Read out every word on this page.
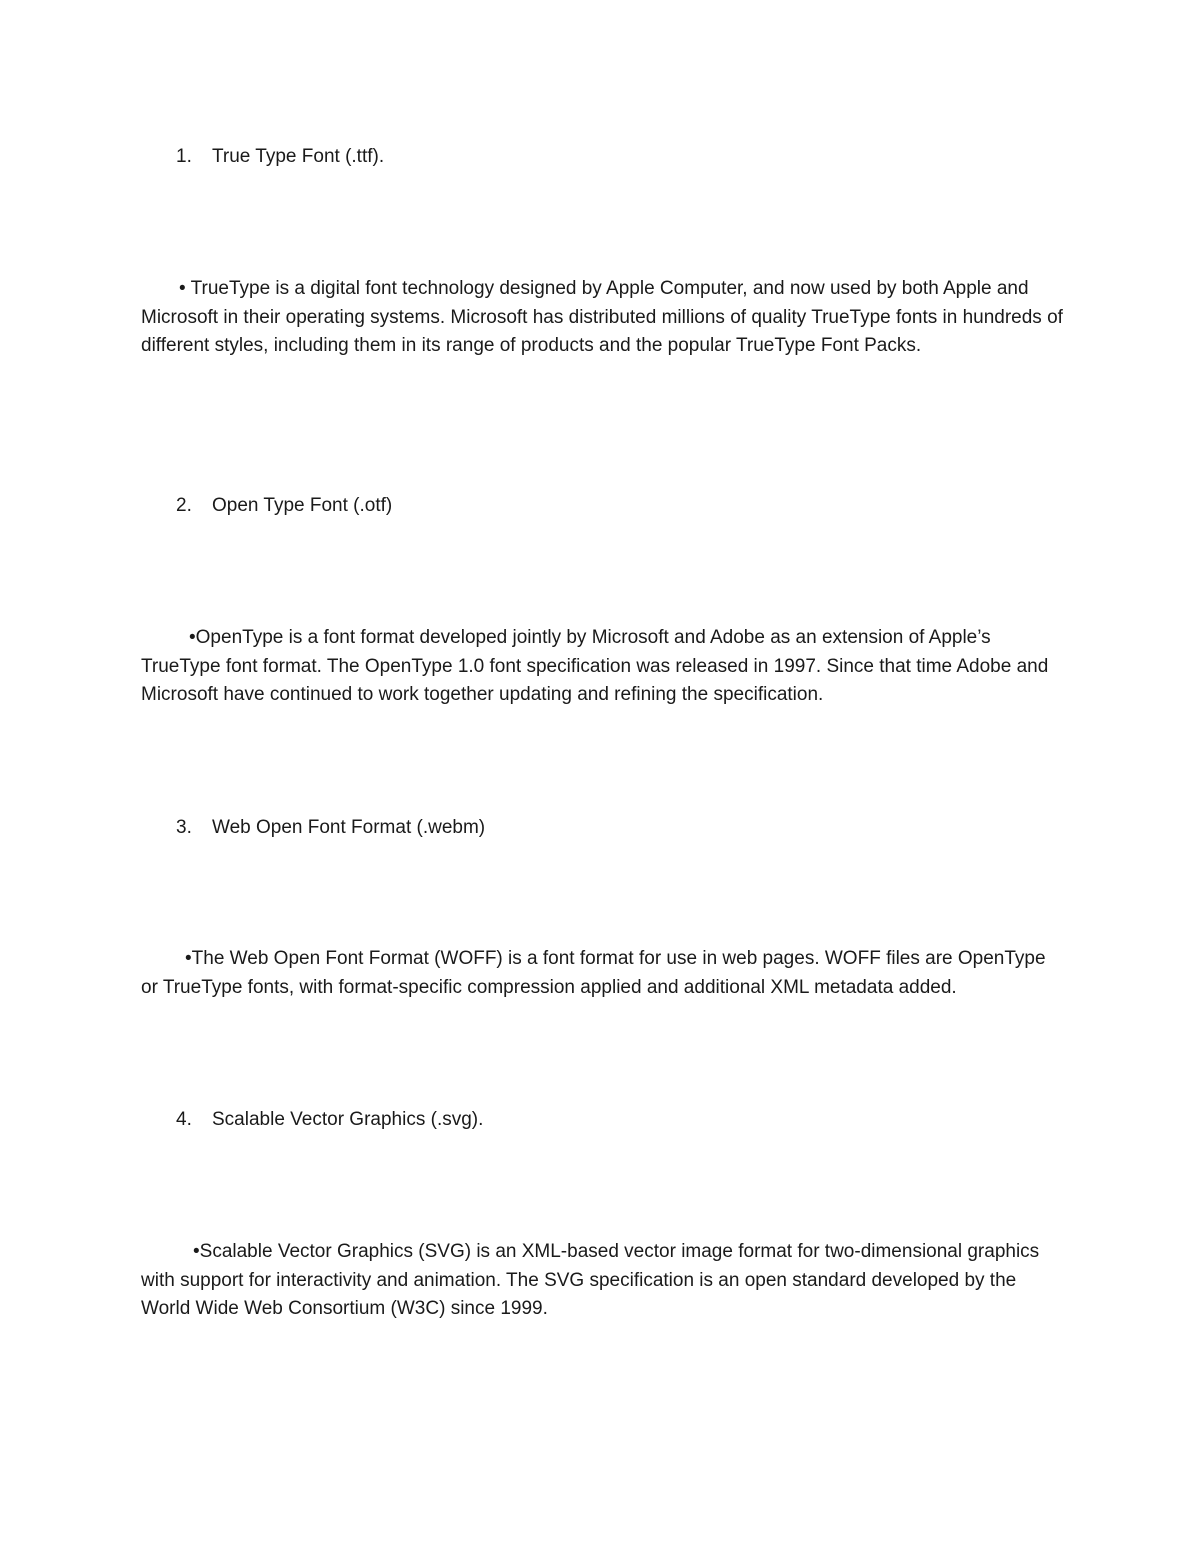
1. True Type Font (.ttf).
• TrueType is a digital font technology designed by Apple Computer, and now used by both Apple and Microsoft in their operating systems. Microsoft has distributed millions of quality TrueType fonts in hundreds of different styles, including them in its range of products and the popular TrueType Font Packs.
2. Open Type Font (.otf)
•OpenType is a font format developed jointly by Microsoft and Adobe as an extension of Apple’s TrueType font format. The OpenType 1.0 font specification was released in 1997. Since that time Adobe and Microsoft have continued to work together updating and refining the specification.
3. Web Open Font Format (.webm)
•The Web Open Font Format (WOFF) is a font format for use in web pages. WOFF files are OpenType or TrueType fonts, with format-specific compression applied and additional XML metadata added.
4. Scalable Vector Graphics (.svg).
•Scalable Vector Graphics (SVG) is an XML-based vector image format for two-dimensional graphics with support for interactivity and animation. The SVG specification is an open standard developed by the World Wide Web Consortium (W3C) since 1999.
